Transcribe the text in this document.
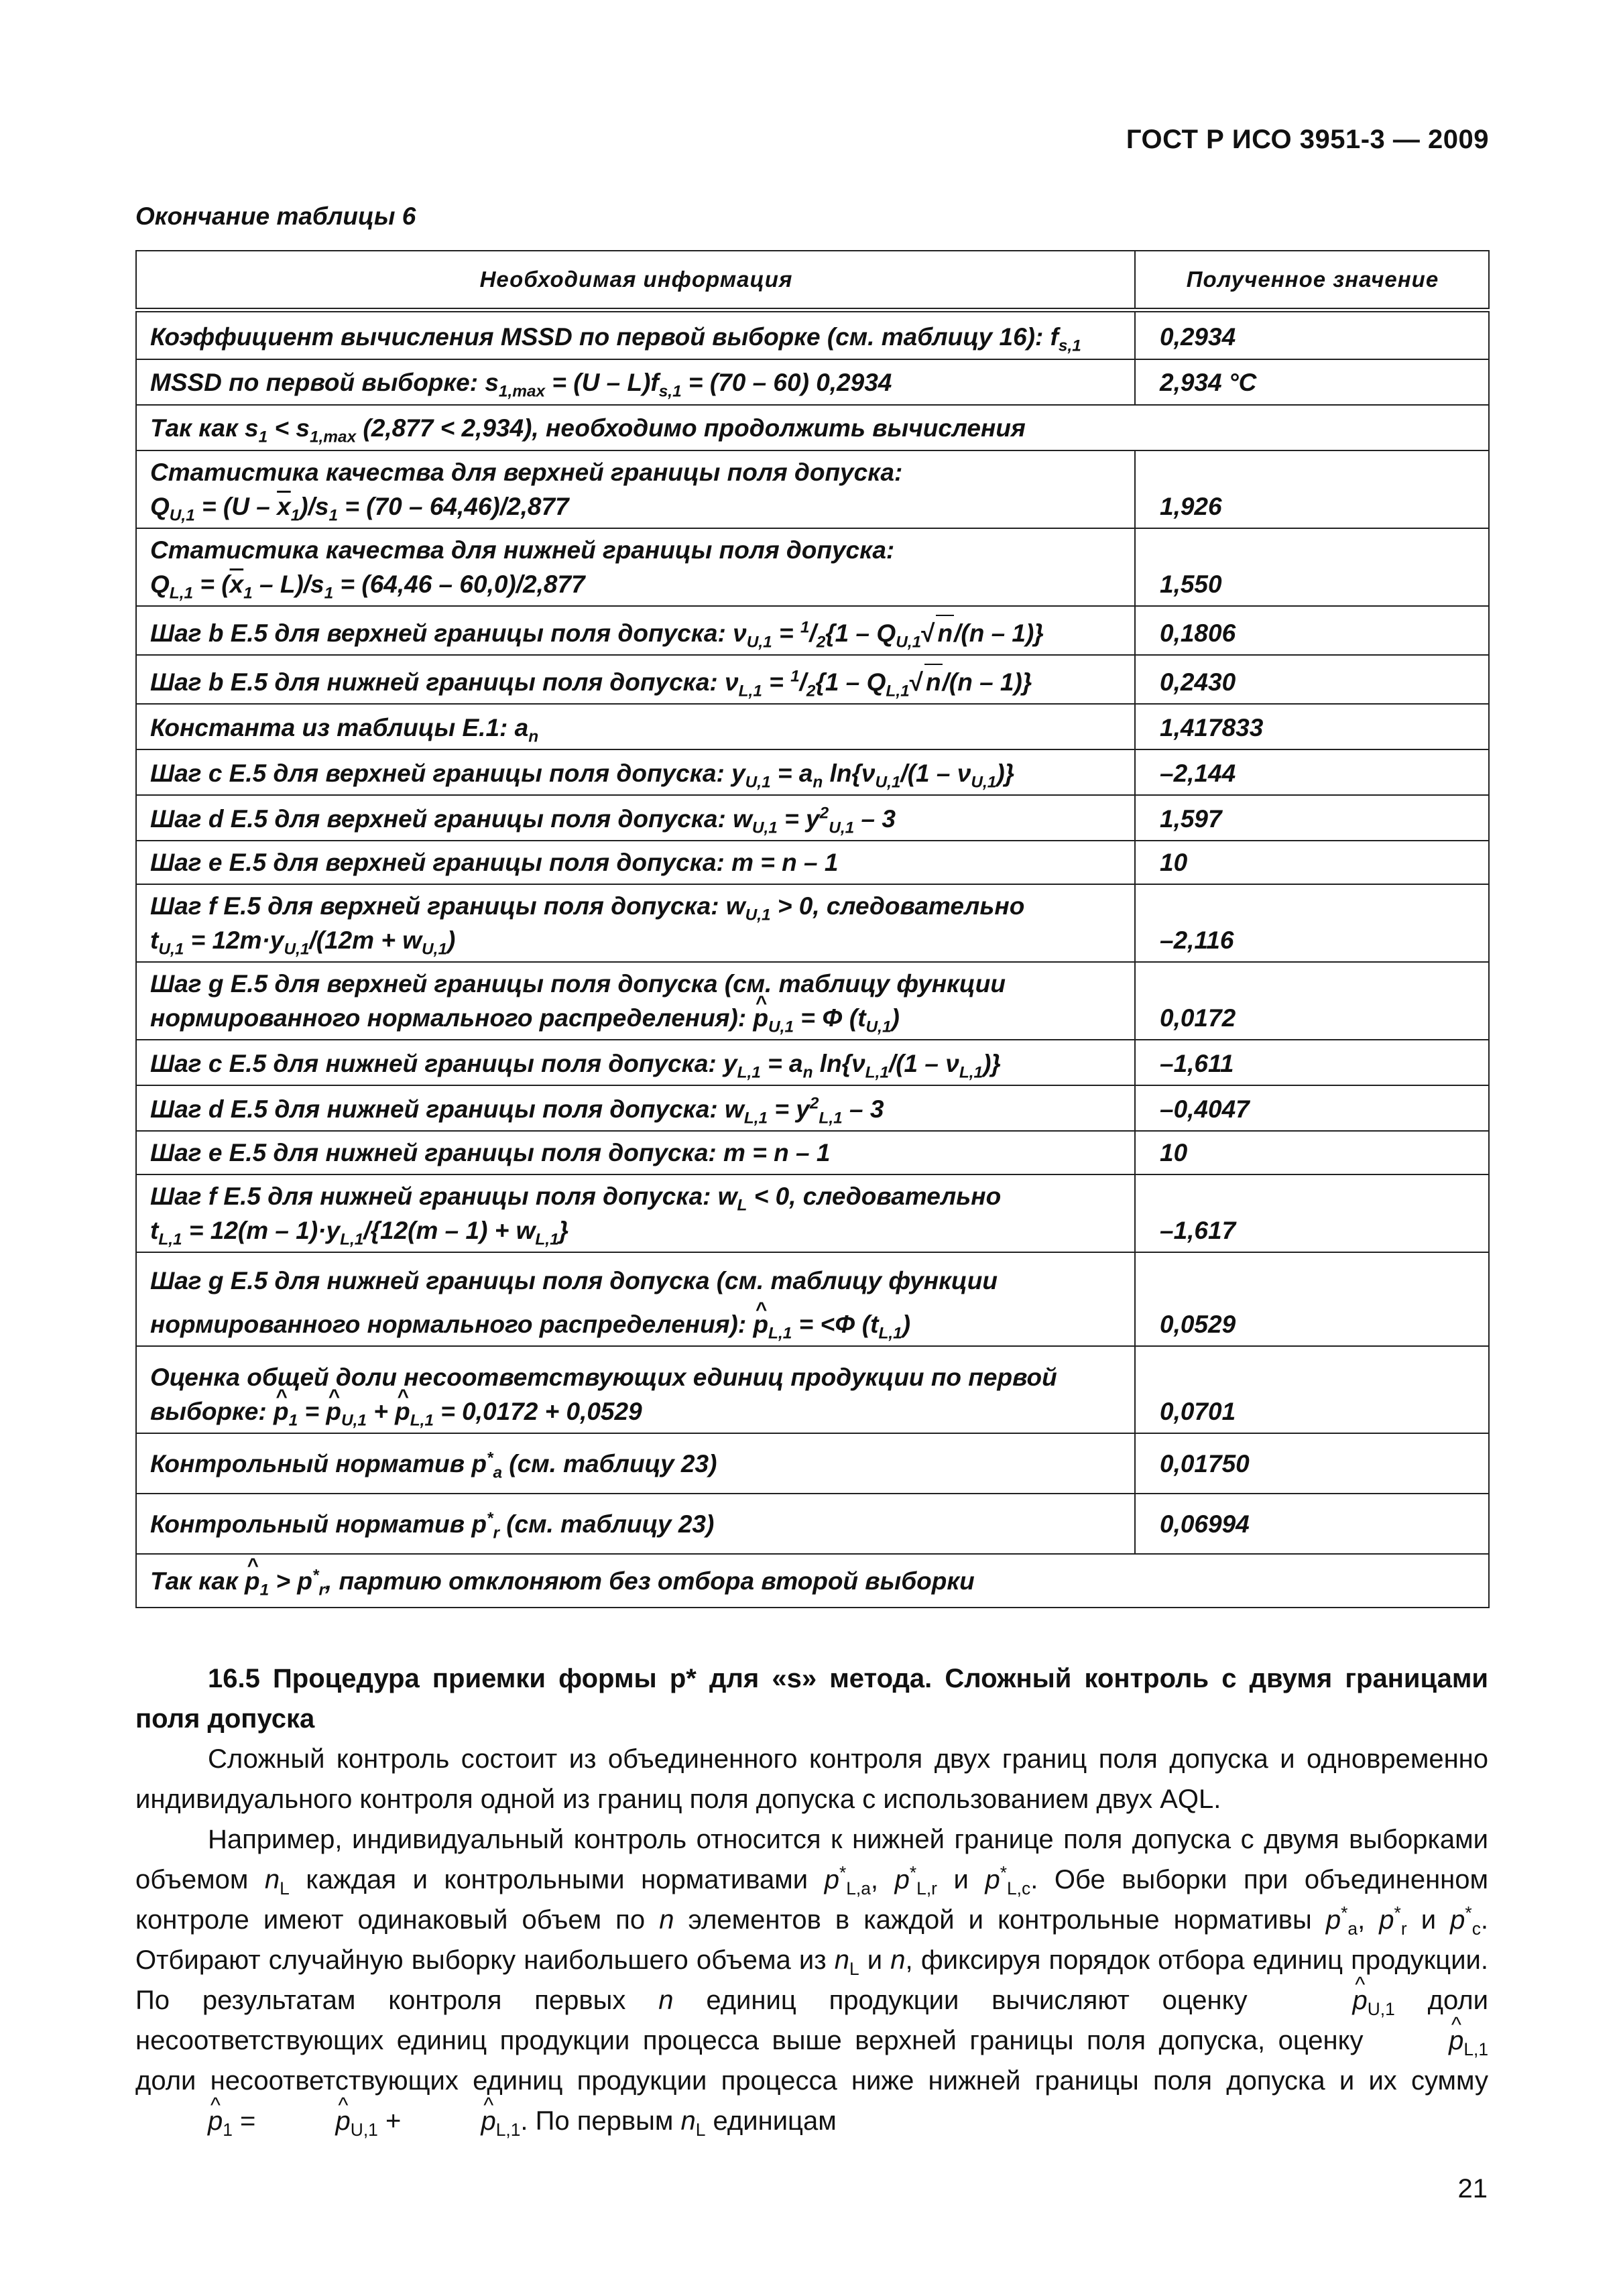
ГОСТ Р ИСО 3951-3 — 2009
Окончание таблицы 6
Необходимая информация	Полученное значение
Коэффициент вычисления MSSD по первой выборке (см. таблицу 16): $f_{s,1}$	0,2934
MSSD по первой выборке: $s_{1,max} = (U - L)f_{s,1} = (70 - 60)$ 0,2934	2,934 °C
Так как $s_1 < s_{1,max}$ (2,877 < 2,934), необходимо продолжить вычисления	

Статистика качества для верхней границы поля допуска:
$Q_{U,1} = (U - \overline{x}_1)/s_1 = (70 - 64,46)/2,877$	1,926

Статистика качества для нижней границы поля допуска:
$Q_{L,1} = (\overline{x}_1 - L)/s_1 = (64,46 - 60,0)/2,877$	1,550
Шаг b E.5 для верхней границы поля допуска: $\nu_{U,1} = ^1/_2\{1 - Q_{U,1}√$ n/(n – 1)}	0,1806
Шаг b E.5 для нижней границы поля допуска: $\nu_{L,1} = ^1/_2\{1 - Q_{L,1}√$ n/(n – 1)}	0,2430
Константа из таблицы E.1: $a_n$	1,417833
Шаг c E.5 для верхней границы поля допуска: $y_{U,1} = a_n$ $\ln\{\nu_{U,1}/(1 - \nu_{U,1})\}$	–2,144
Шаг d E.5 для верхней границы поля допуска: $w_{U,1} = y^2_{U,1} - 3$	1,597
Шаг e E.5 для верхней границы поля допуска: m = n – 1	10

Шаг f E.5 для верхней границы поля допуска: $w_{U,1} > 0$, следовательно
$t_{U,1} = 12m\cdot y_{U,1}/(12m + w_{U,1})$	–2,116

Шаг g E.5 для верхней границы поля допуска (см. таблицу функции
нормированного нормального распределения): ^ $p_{U,1} = \Phi$ $(t_{U,1})$	0,0172
Шаг c E.5 для нижней границы поля допуска: $y_{L,1} = a_n$ $\ln\{\nu_{L,1}/(1 - \nu_{L,1})\}$	–1,611
Шаг d E.5 для нижней границы поля допуска: $w_{L,1} = y^2_{L,1} - 3$	–0,4047
Шаг e E.5 для нижней границы поля допуска: m = n – 1	10

Шаг f E.5 для нижней границы поля допуска: $w_L < 0$, следовательно
$t_{L,1} = 12(m - 1)\cdot y_{L,1}/\{12(m - 1) + w_{L,1}\}$	–1,617

Шаг g E.5 для нижней границы поля допуска (см. таблицу функции
нормированного нормального распределения): ^ $p_{L,1} = <\Phi$ $(t_{L,1})$	0,0529

Оценка общей доли несоответствующих единиц продукции по первой
выборке: ^ $p_1$ = ^ $p_{U,1}$ + ^ $p_{L,1} = 0,0172 + 0,0529$	0,0701
Контрольный норматив $p^*_a$ (см. таблицу 23)	0,01750
Контрольный норматив $p^*_r$ (см. таблицу 23)	0,06994
Так как ^ $p_1 > p^*_r$, партию отклоняют без отбора второй выборки

16.5 Процедура приемки формы p* для «s» метода. Сложный контроль с двумя границами поля допуска

Сложный контроль состоит из объединенного контроля двух границ поля допуска и одновременно индивидуального контроля одной из границ поля допуска с использованием двух AQL.

Например, индивидуальный контроль относится к нижней границе поля допуска с двумя выборками объемом $n_L$ каждая и контрольными нормативами $p^*_{L,a}$, $p^*_{L,r}$ и $p^*_{L,c}$. Обе выборки при объединенном контроле имеют одинаковый объем по n элементов в каждой и контрольные нормативы $p^*_a$, $p^*_r$ и $p^*_c$. Отбирают случайную выборку наибольшего объема из $n_L$ и n, фиксируя порядок отбора единиц продукции. По результатам контроля первых n единиц продукции вычисляют оценку	^ $p_{U,1}$ доли несоответствующих единиц продукции процесса выше верхней границы поля допуска, оценку	^ $p_{L,1}$ доли несоответствующих единиц продукции процесса ниже нижней границы поля допуска и их сумму ^ $p_1$ =	^ $p_{U,1}$ +	^ $p_{L,1}$. По первым $n_L$ единицам

21
